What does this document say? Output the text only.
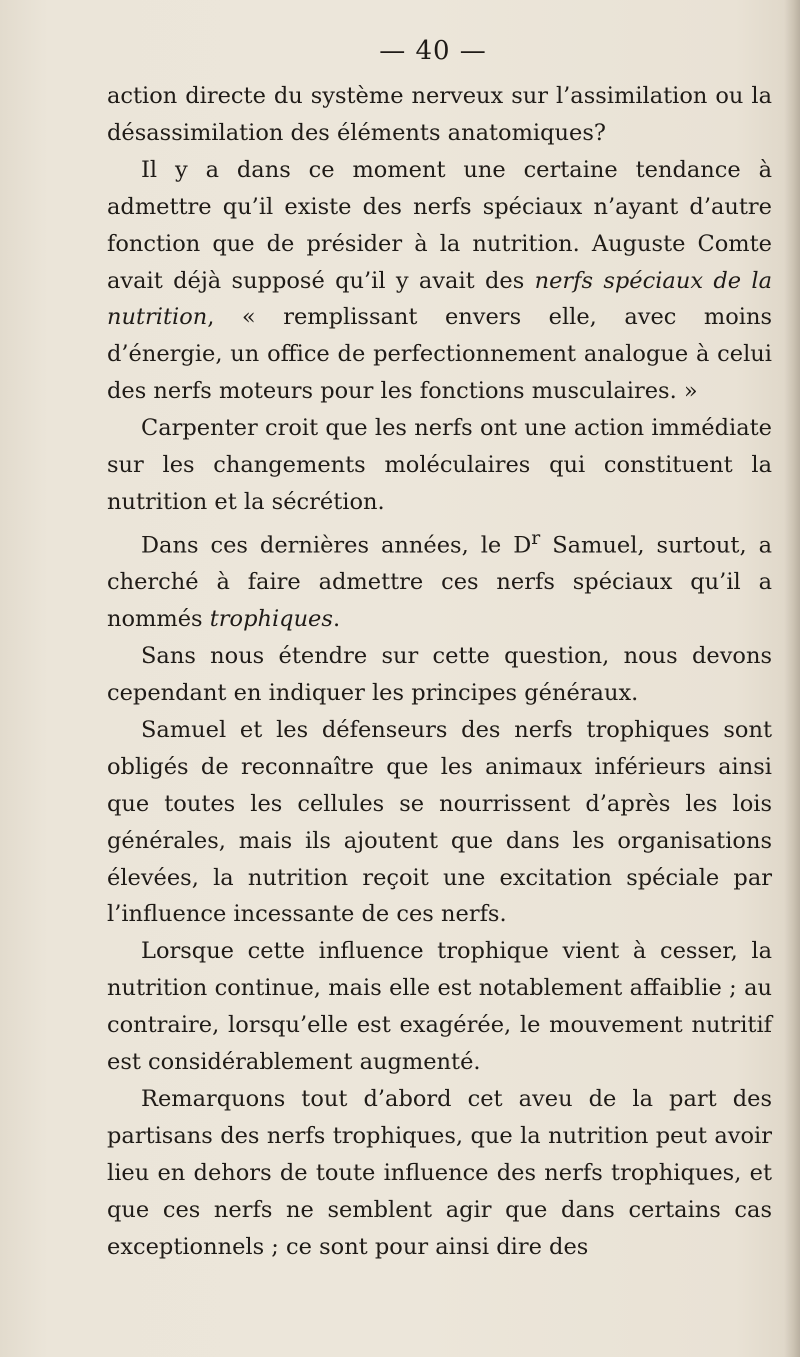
— 40 —

action directe du système nerveux sur l’assimilation ou la désassimilation des éléments anatomiques?

Il y a dans ce moment une certaine tendance à admettre qu’il existe des nerfs spéciaux n’ayant d’autre fonction que de présider à la nutrition. Auguste Comte avait déjà supposé qu’il y avait des nerfs spéciaux de la nutrition, « remplissant envers elle, avec moins d’énergie, un office de perfectionnement analogue à celui des nerfs moteurs pour les fonctions musculaires. »

Carpenter croit que les nerfs ont une action immédiate sur les changements moléculaires qui constituent la nutrition et la sécrétion.

Dans ces dernières années, le $D^r$ Samuel, surtout, a cherché à faire admettre ces nerfs spéciaux qu’il a nommés trophiques.

Sans nous étendre sur cette question, nous devons cependant en indiquer les principes généraux.

Samuel et les défenseurs des nerfs trophiques sont obligés de reconnaître que les animaux inférieurs ainsi que toutes les cellules se nourrissent d’après les lois générales, mais ils ajoutent que dans les organisations élevées, la nutrition reçoit une excitation spéciale par l’influence incessante de ces nerfs.

Lorsque cette influence trophique vient à cesser, la nutrition continue, mais elle est notablement affaiblie ; au contraire, lorsqu’elle est exagérée, le mouvement nutritif est considérablement augmenté.

Remarquons tout d’abord cet aveu de la part des partisans des nerfs trophiques, que la nutrition peut avoir lieu en dehors de toute influence des nerfs trophiques, et que ces nerfs ne semblent agir que dans certains cas exceptionnels ; ce sont pour ainsi dire des
